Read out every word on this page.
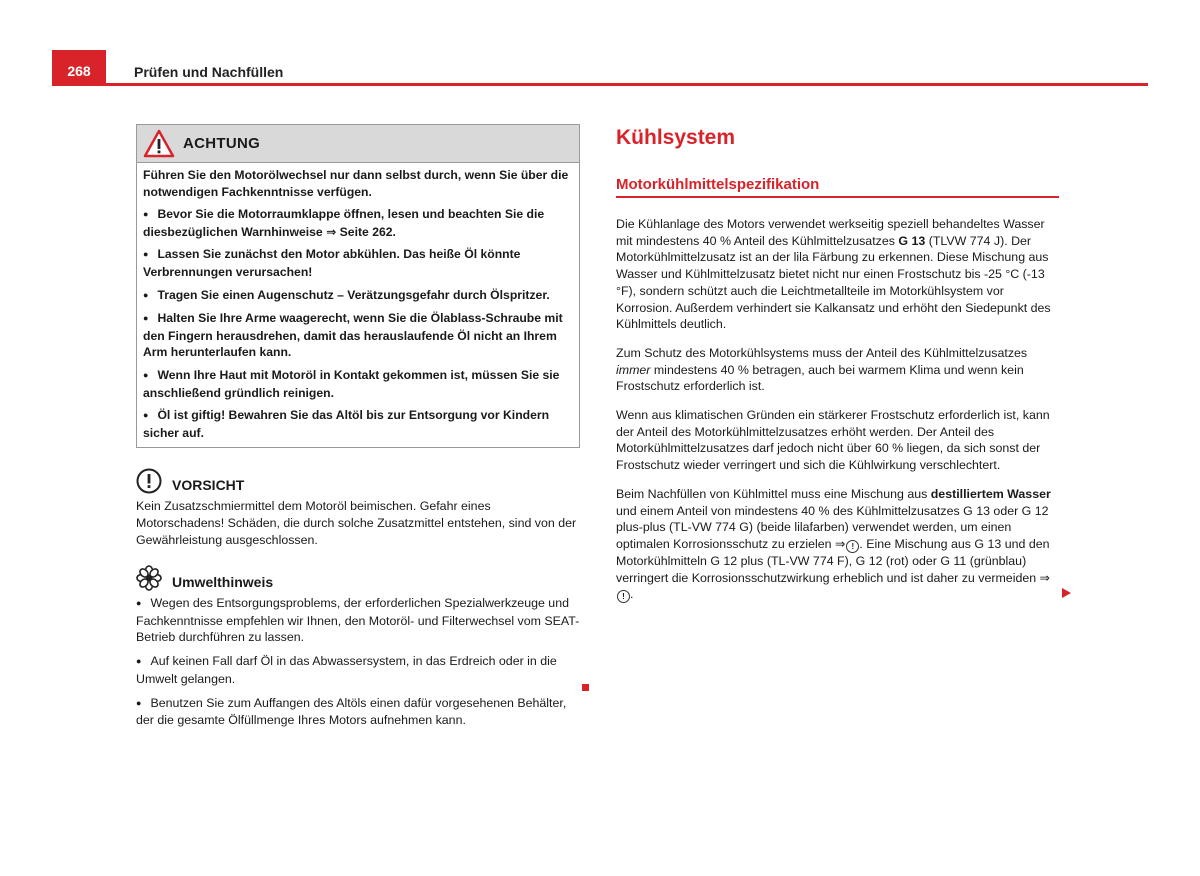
268	Prüfen und Nachfüllen
ACHTUNG

Führen Sie den Motorölwechsel nur dann selbst durch, wenn Sie über die notwendigen Fachkenntnisse verfügen.

● Bevor Sie die Motorraumklappe öffnen, lesen und beachten Sie die diesbezüglichen Warnhinweise ⇒ Seite 262.

● Lassen Sie zunächst den Motor abkühlen. Das heiße Öl könnte Verbrennungen verursachen!

● Tragen Sie einen Augenschutz – Verätzungsgefahr durch Ölspritzer.

● Halten Sie Ihre Arme waagerecht, wenn Sie die Ölablass-Schraube mit den Fingern herausdrehen, damit das herauslaufende Öl nicht an Ihrem Arm herunterlaufen kann.

● Wenn Ihre Haut mit Motoröl in Kontakt gekommen ist, müssen Sie sie anschließend gründlich reinigen.

● Öl ist giftig! Bewahren Sie das Altöl bis zur Entsorgung vor Kindern sicher auf.

VORSICHT

Kein Zusatzschmiermittel dem Motoröl beimischen. Gefahr eines Motorschadens! Schäden, die durch solche Zusatzmittel entstehen, sind von der Gewährleistung ausgeschlossen.

Umwelthinweis

● Wegen des Entsorgungsproblems, der erforderlichen Spezialwerkzeuge und Fachkenntnisse empfehlen wir Ihnen, den Motoröl- und Filterwechsel vom SEAT-Betrieb durchführen zu lassen.

● Auf keinen Fall darf Öl in das Abwassersystem, in das Erdreich oder in die Umwelt gelangen.

● Benutzen Sie zum Auffangen des Altöls einen dafür vorgesehenen Behälter, der die gesamte Ölfüllmenge Ihres Motors aufnehmen kann.

Kühlsystem
Motorkühlmittelspezifikation

Die Kühlanlage des Motors verwendet werkseitig speziell behandeltes Wasser mit mindestens 40 % Anteil des Kühlmittelzusatzes G 13 (TLVW 774 J). Der Motorkühlmittelzusatz ist an der lila Färbung zu erkennen. Diese Mischung aus Wasser und Kühlmittelzusatz bietet nicht nur einen Frostschutz bis -25 °C (-13 °F), sondern schützt auch die Leichtmetallteile im Motorkühlsystem vor Korrosion. Außerdem verhindert sie Kalkansatz und erhöht den Siedepunkt des Kühlmittels deutlich.

Zum Schutz des Motorkühlsystems muss der Anteil des Kühlmittelzusatzes immer mindestens 40 % betragen, auch bei warmem Klima und wenn kein Frostschutz erforderlich ist.

Wenn aus klimatischen Gründen ein stärkerer Frostschutz erforderlich ist, kann der Anteil des Motorkühlmittelzusatzes erhöht werden. Der Anteil des Motorkühlmittelzusatzes darf jedoch nicht über 60 % liegen, da sich sonst der Frostschutz wieder verringert und sich die Kühlwirkung verschlechtert.

Beim Nachfüllen von Kühlmittel muss eine Mischung aus destilliertem Wasser und einem Anteil von mindestens 40 % des Kühlmittelzusatzes G 13 oder G 12 plus-plus (TL-VW 774 G) (beide lilafarben) verwendet werden, um einen optimalen Korrosionsschutz zu erzielen ⇒ ! . Eine Mischung aus G 13 und den Motorkühlmitteln G 12 plus (TL-VW 774 F), G 12 (rot) oder G 11 (grünblau) verringert die Korrosionsschutzwirkung erheblich und ist daher zu vermeiden ⇒! .
